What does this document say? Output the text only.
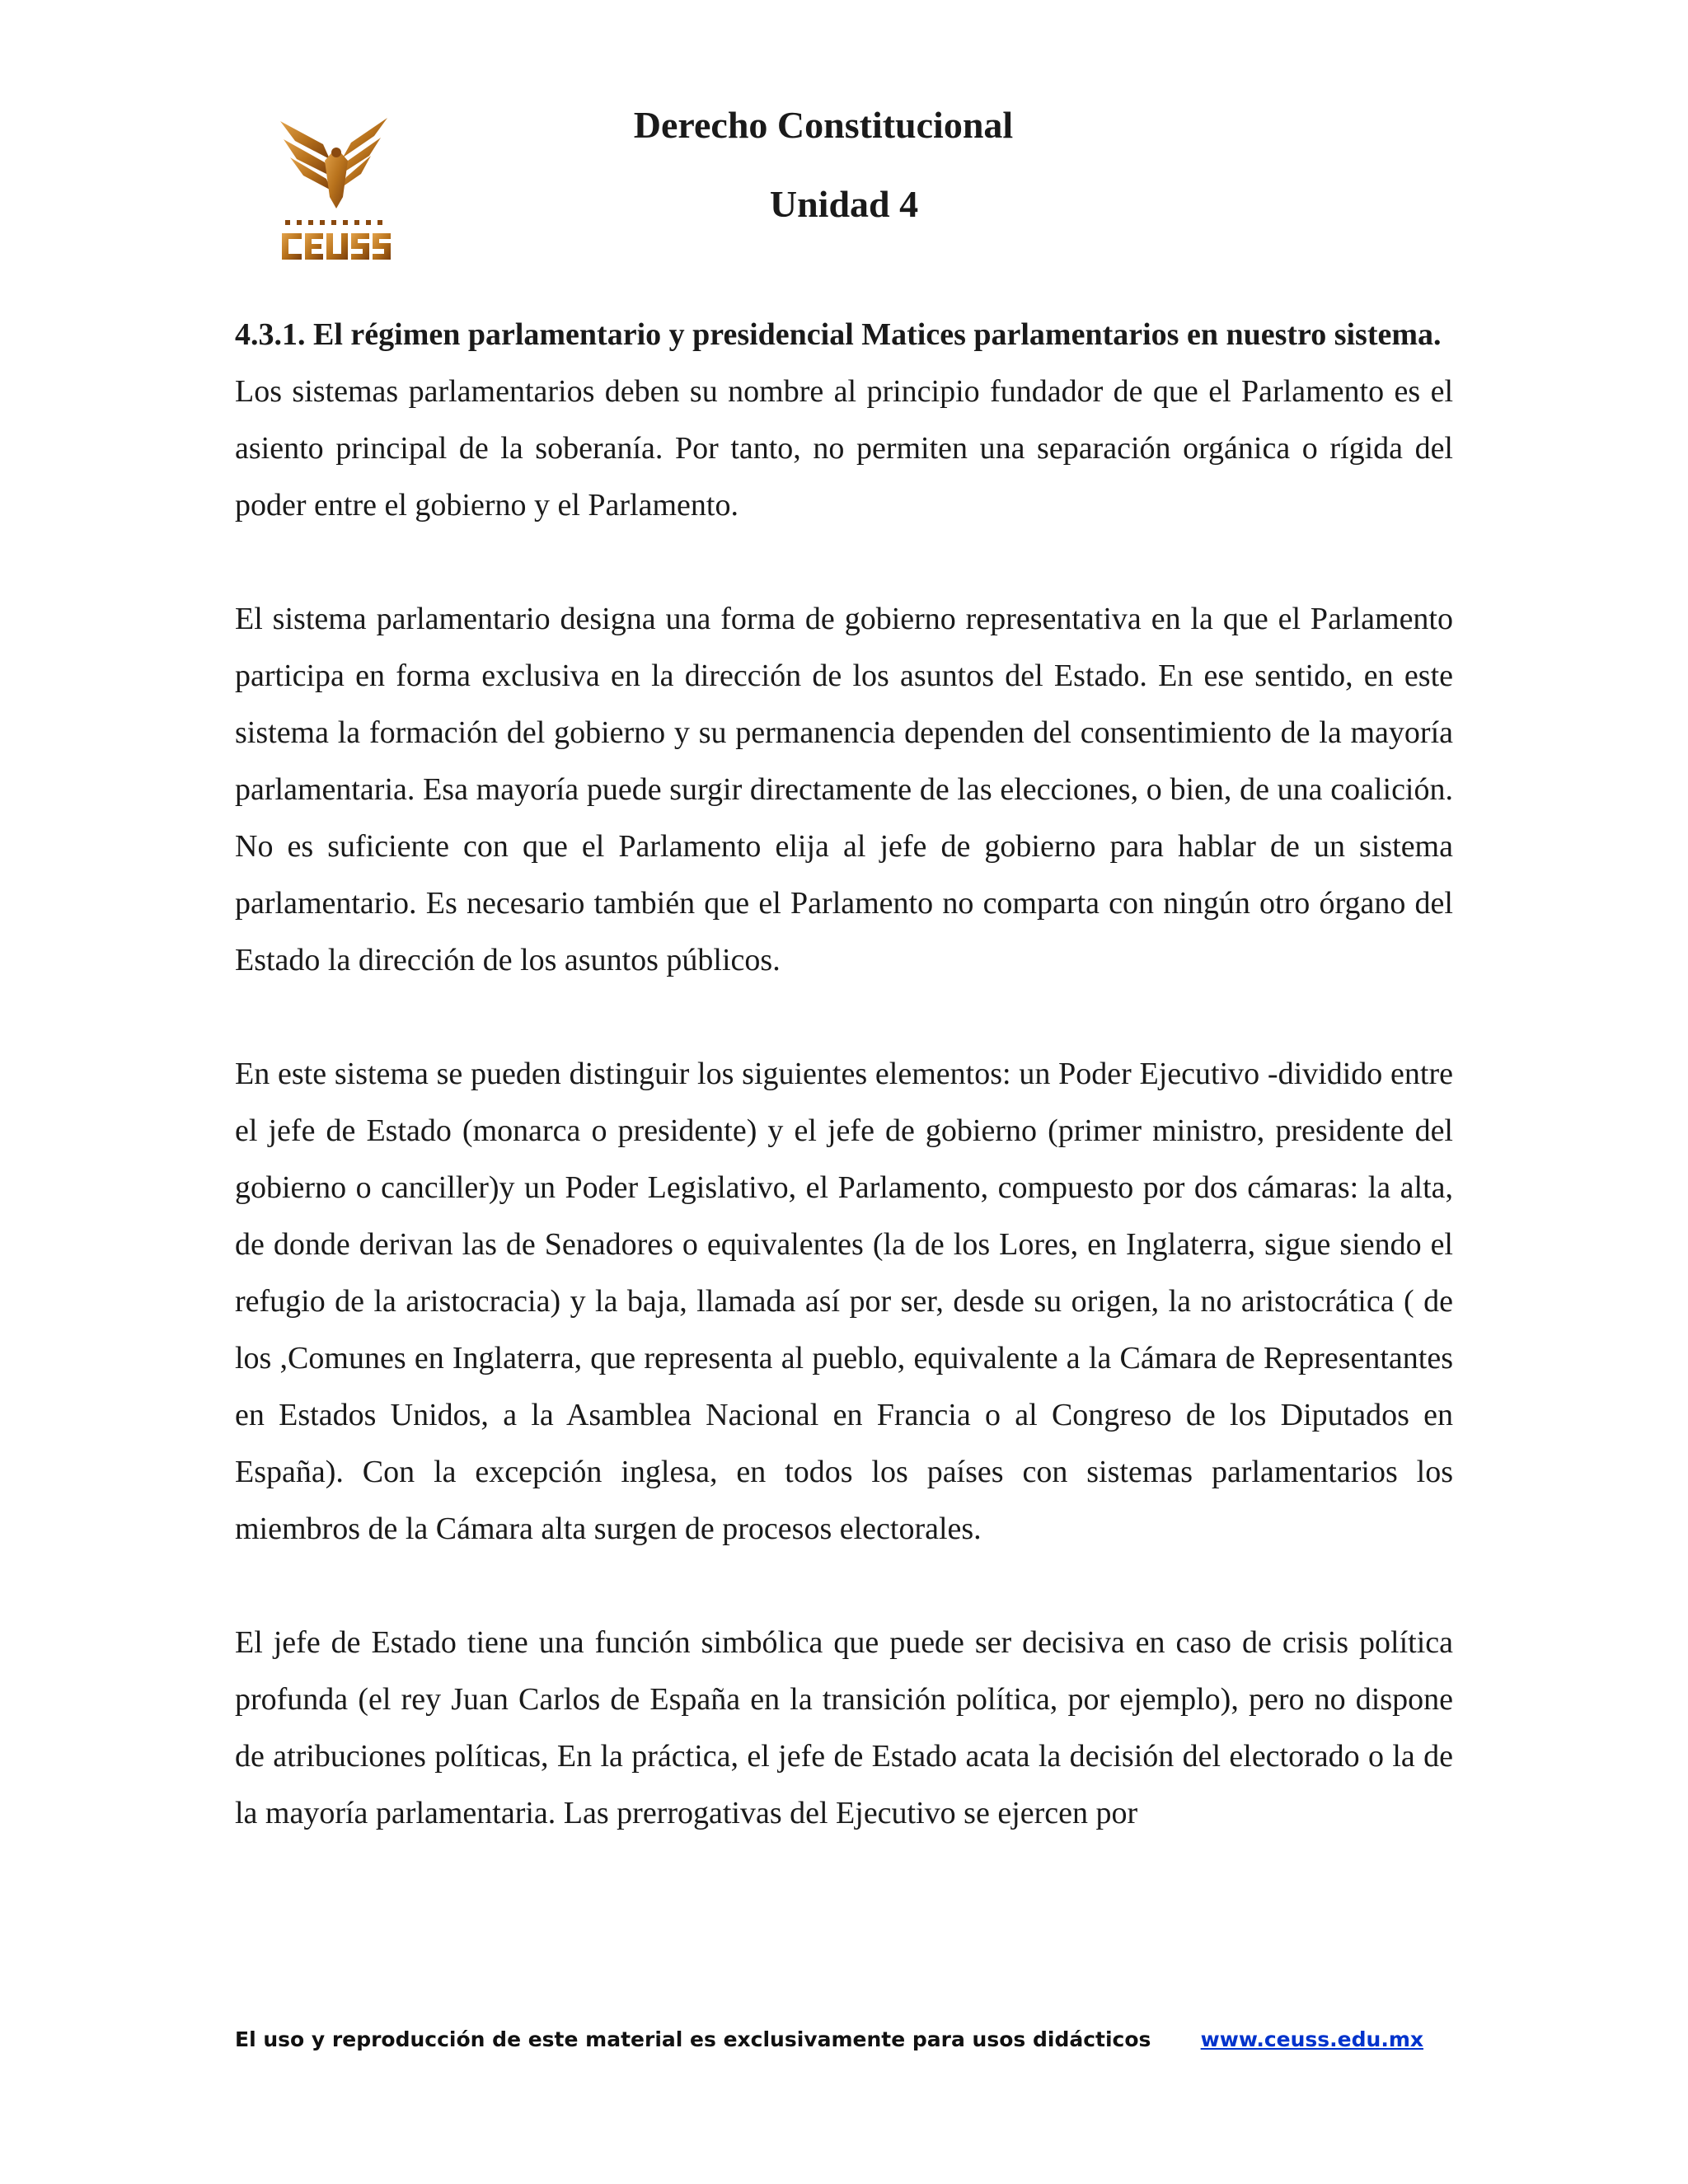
Derecho Constitucional
Unidad 4

4.3.1. El régimen parlamentario y presidencial Matices parlamentarios en nuestro sistema.

Los sistemas parlamentarios deben su nombre al principio fundador de que el Parlamento es el asiento principal de la soberanía. Por tanto, no permiten una separación orgánica o rígida del poder entre el gobierno y el Parlamento.

El sistema parlamentario designa una forma de gobierno representativa en la que el Parlamento participa en forma exclusiva en la dirección de los asuntos del Estado. En ese sentido, en este sistema la formación del gobierno y su permanencia dependen del consentimiento de la mayoría parlamentaria. Esa mayoría puede surgir directamente de las elecciones, o bien, de una coalición. No es suficiente con que el Parlamento elija al jefe de gobierno para hablar de un sistema parlamentario. Es necesario también que el Parlamento no comparta con ningún otro órgano del Estado la dirección de los asuntos públicos.

En este sistema se pueden distinguir los siguientes elementos: un Poder Ejecutivo -dividido entre el jefe de Estado (monarca o presidente) y el jefe de gobierno (primer ministro, presidente del gobierno o canciller)y un Poder Legislativo, el Parlamento, compuesto por dos cámaras: la alta, de donde derivan las de Senadores o equivalentes (la de los Lores, en Inglaterra, sigue siendo el refugio de la aristocracia) y la baja, llamada así por ser, desde su origen, la no aristocrática ( de los ,Comunes en Inglaterra, que representa al pueblo, equivalente a la Cámara de Representantes en Estados Unidos, a la Asamblea Nacional en Francia o al Congreso de los Diputados en España). Con la excepción inglesa, en todos los países con sistemas parlamentarios los miembros de la Cámara alta surgen de procesos electorales.

El jefe de Estado tiene una función simbólica que puede ser decisiva en caso de crisis política profunda (el rey Juan Carlos de España en la transición política, por ejemplo), pero no dispone de atribuciones políticas, En la práctica, el jefe de Estado acata la decisión del electorado o la de la mayoría parlamentaria. Las prerrogativas del Ejecutivo se ejercen por

El uso y reproducción de este material es exclusivamente para usos didácticos www.ceuss.edu.mx
